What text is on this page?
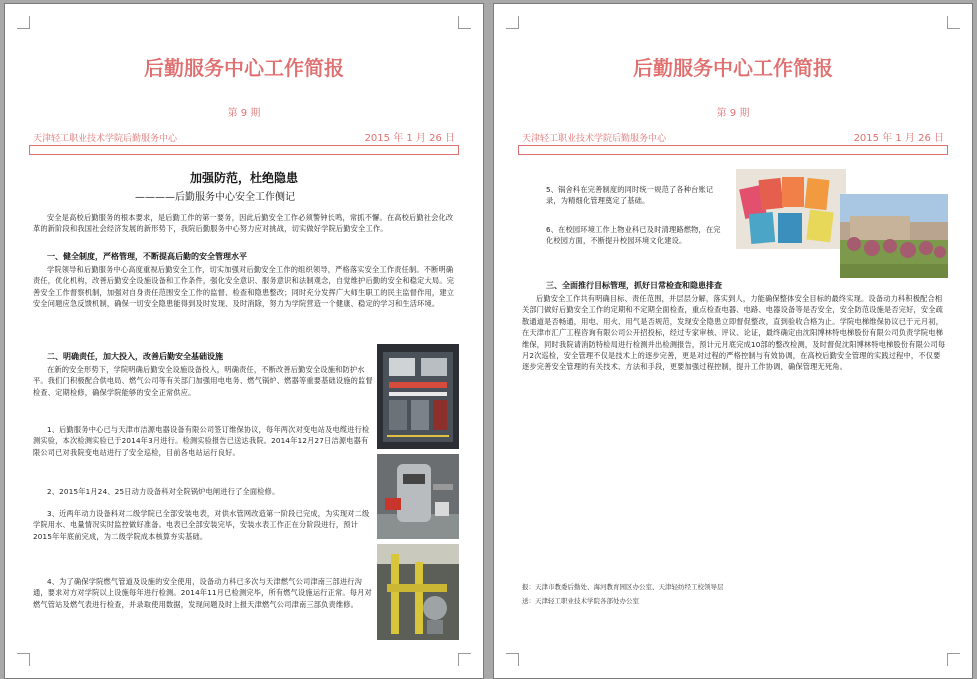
后勤服务中心工作简报
第 9 期
天津轻工职业技术学院后勤服务中心	2015 年 1 月 26 日
加强防范，杜绝隐患
————后勤服务中心安全工作侧记

安全是高校后勤服务的根本要求，是后勤工作的第一要务，因此后勤安全工作必须警钟长鸣，常抓不懈。在高校后勤社会化改革的新阶段和我国社会经济发展的新形势下，我院后勤服务中心努力应对挑战，切实做好学院后勤安全工作。

一、健全制度，严格管理，不断提高后勤的安全管理水平

学院领导和后勤服务中心高度重视后勤安全工作，切实加强对后勤安全工作的组织领导，严格落实安全工作责任制。不断明确责任，优化机构，改善后勤安全设施设备和工作条件，强化安全意识、服务意识和法制观念，自觉维护后勤的安全和稳定大局。完善安全工作督察机制，加强对自身责任范围安全工作的监督、检查和隐患整改；同时充分发挥广大师生职工的民主监督作用，建立安全问题应急反馈机制，确保一切安全隐患能得到及时发现、及时消除，努力为学院营造一个健康、稳定的学习和生活环境。

二、明确责任，加大投入，改善后勤安全基础设施

在新的安全形势下，学院明确后勤安全设施设备投入，明确责任，不断改善后勤安全设施和防护水平。我们门积极配合供电局、燃气公司等有关部门加强用电电务、燃气锅炉、燃器等重要基础设施的监督检查、定期检修，确保学院能够的安全正常供应。

1、后勤服务中心已与天津市洁源电器设备有限公司签订维保协议，每年两次对变电站及电缆进行检测实验，本次检测实验已于2014年3月进行。检测实验报告已送达我院。2014年12月27日洁源电器有限公司已对我院变电站进行了安全巡检，目前各电站运行良好。

2、2015年1月24、25日动力设备科对全院锅炉电闸进行了全面检修。

3、近两年动力设备科对二级学院已全部安装电表，对供水管网改造第一阶段已完成，为实现对二级学院用水、电量情况实时监控做好准备。电表已全部安装完毕，安装水表工作正在分阶段进行，预计2015年年底前完成，为二级学院成本核算夯实基础。

4、为了确保学院燃气管道及设施的安全使用，设备动力科已多次与天津燃气公司津南三部进行沟通，要求对方对学院以上设施每年进行检测。2014年11月已检测完毕，所有燃气设施运行正常。每月对燃气管站及燃气表进行检查，并录取使用数据，发现问题及时上报天津燃气公司津南三部负责维修。

后勤服务中心工作简报
第 9 期
天津轻工职业技术学院后勤服务中心	2015 年 1 月 26 日

5、锅舍科在完善制度的同时统一规范了各种台账记录，为精细化管理奠定了基础。

6、在校园环境工作上物业科已及时清理路燃物，在完化校园方面，不断提升校园环境文化建设。

三、全面推行目标管理，抓好日常检查和隐患排查

后勤安全工作共有明确目标、责任范围，并层层分解，落实到人，力能确保整体安全目标的最终实现。设备动力科积极配合相关部门做好后勤安全工作的定期和不定期全面检查，重点检查电器、电路、电器设备等是否安全，安全防范设施是否完好，安全疏散通道是否畅通，用电、用火、用气是否规范，发现安全隐患立即督促整改，直到验收合格为止。学院电梯维保协议已于元月初，在天津市汇广工程咨询有限公司公开招投标，经过专家审核、评议、论证，最终确定由沈阳博林特电梯股份有限公司负责学院电梯维保，同时我院请消防特检局进行检测并出检测报告，预计元月底完成10部的整改检测，及时督促沈阳博林特电梯股份有限公司每月2次巡检，安全管理不仅是技术上的逐步完善，更是对过程的严格控制与有效协调，在高校后勤安全管理的实践过程中，不仅要逐步完善安全管理的有关技术、方法和手段，更要加强过程控制，提升工作协调，确保管理无死角。

报：天津市教委后勤处、海河教育园区办公室、天津轻纺经工校领导层
送：天津轻工职业技术学院各部处办公室
